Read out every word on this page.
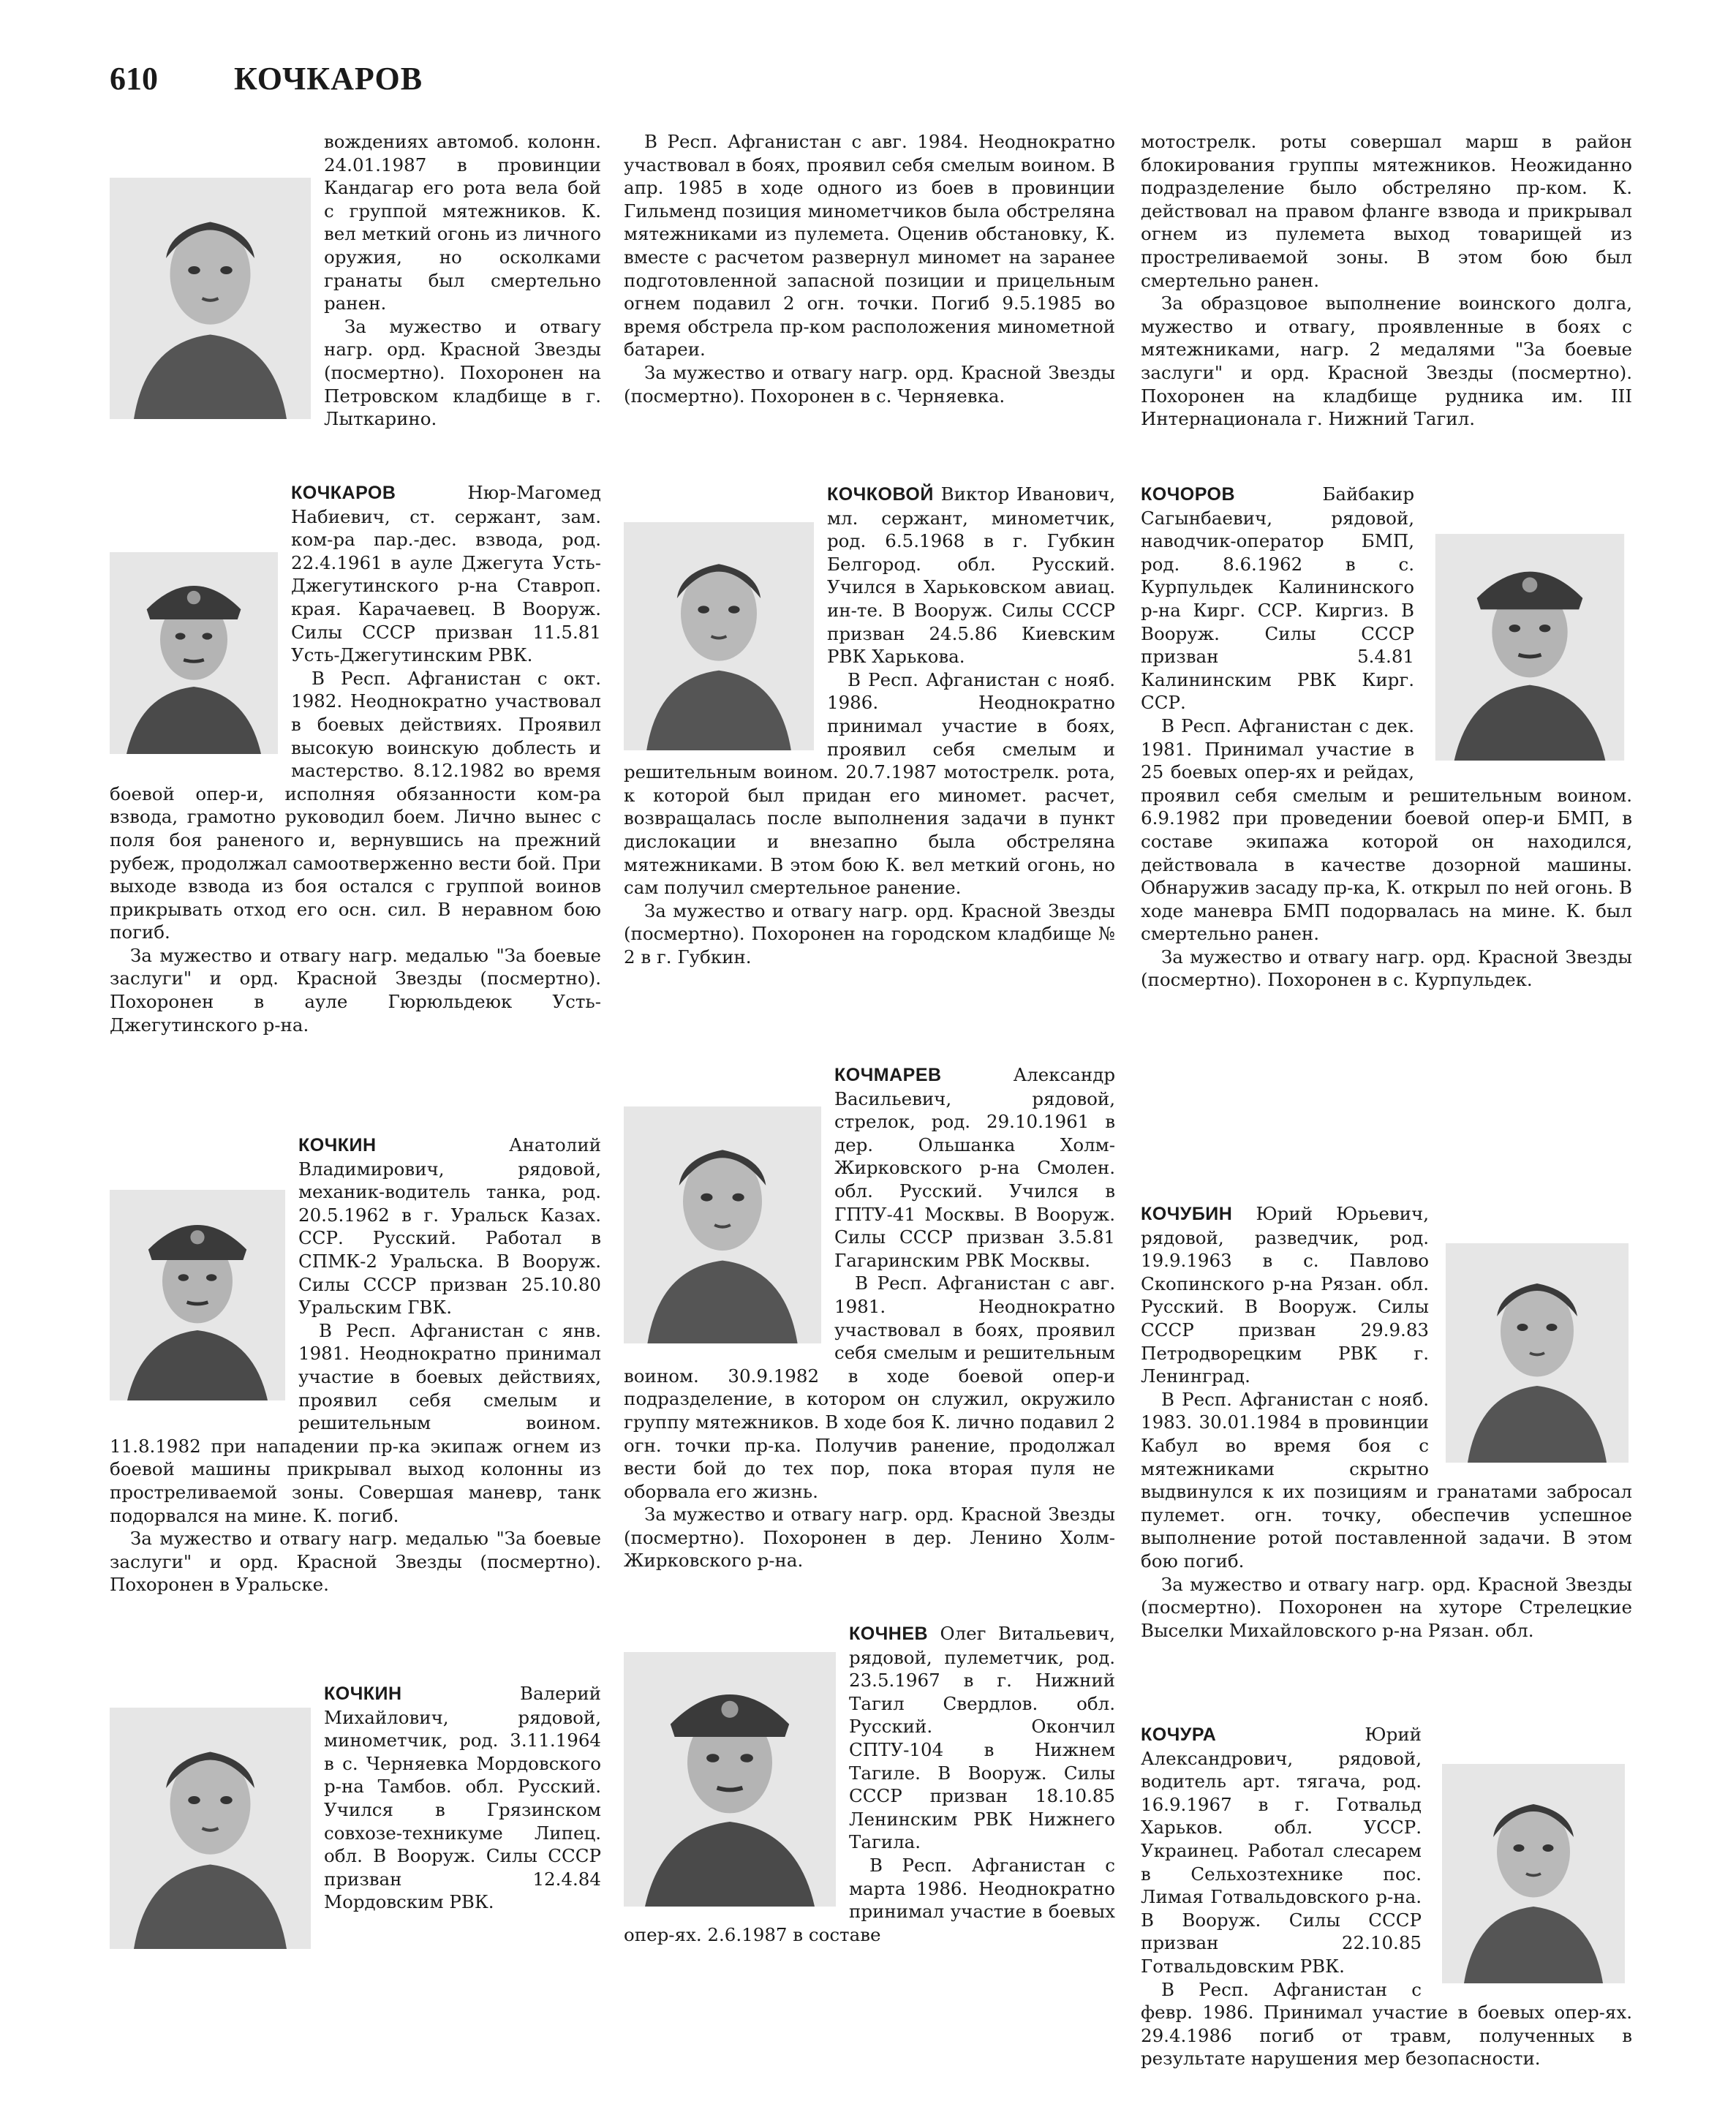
610	КОЧКАРОВ

вождениях автомоб. колонн. 24.01.1987 в провинции Кандагар его рота вела бой с группой мятежников. К. вел меткий огонь из личного оружия, но осколками гранаты был смертельно ранен.
За мужество и отвагу нагр. орд. Красной Звезды (посмертно). Похоронен на Петровском кладбище в г. Лыткарино.

КОЧКАРОВ	Нюр-Магомед Набиевич, ст. сержант, зам. ком-ра пар.-дес. взвода, род. 22.4.1961 в ауле Джегута Усть-Джегутинского р-на Ставроп. края. Карачаевец. В Вооруж. Силы СССР призван 11.5.81 Усть-Джегутинским РВК.
В Респ. Афганистан с окт. 1982. Неоднократно участвовал в боевых действиях. Проявил высокую воинскую доблесть и мастерство. 8.12.1982 во время боевой опер-и, исполняя обязанности ком-ра взвода, грамотно руководил боем. Лично вынес с поля боя раненого и, вернувшись на прежний рубеж, продолжал самоотверженно вести бой. При выходе взвода из боя остался с группой воинов прикрывать отход его осн. сил. В неравном бою погиб.
За мужество и отвагу нагр. медалью "За боевые заслуги" и орд. Красной Звезды (посмертно). Похоронен в ауле Гюрюльдеюк Усть-Джегутинского р-на.

КОЧКИН	Анатолий Владимирович, рядовой, механик-водитель танка, род. 20.5.1962 в г. Уральск Казах. ССР. Русский. Работал в СПМК-2 Уральска. В Вооруж. Силы СССР призван 25.10.80 Уральским ГВК.
В Респ. Афганистан с янв. 1981. Неоднократно принимал участие в боевых действиях, проявил себя смелым и решительным воином. 11.8.1982 при нападении пр-ка экипаж огнем из боевой машины прикрывал выход колонны из простреливаемой зоны. Совершая маневр, танк подорвался на мине. К. погиб.
За мужество и отвагу нагр. медалью "За боевые заслуги" и орд. Красной Звезды (посмертно). Похоронен в Уральске.

КОЧКИН	Валерий Михайлович, рядовой, минометчик, род. 3.11.1964 в с. Черняевка Мордовского р-на Тамбов. обл. Русский. Учился в Грязинском совхозе-техникуме Липец. обл. В Вооруж. Силы СССР призван 12.4.84 Мордовским РВК.

В Респ. Афганистан с авг. 1984. Неоднократно участвовал в боях, проявил себя смелым воином. В апр. 1985 в ходе одного из боев в провинции Гильменд позиция минометчиков была обстреляна мятежниками из пулемета. Оценив обстановку, К. вместе с расчетом развернул миномет на заранее подготовленной запасной позиции и прицельным огнем подавил 2 огн. точки. Погиб 9.5.1985 во время обстрела пр-ком расположения минометной батареи.
За мужество и отвагу нагр. орд. Красной Звезды (посмертно). Похоронен в с. Черняевка.

КОЧКОВОЙ Виктор Иванович, мл. сержант, минометчик, род. 6.5.1968 в г. Губкин Белгород. обл. Русский. Учился в Харьковском авиац. ин-те. В Вооруж. Силы СССР призван 24.5.86 Киевским РВК Харькова.
В Респ. Афганистан с нояб. 1986. Неоднократно принимал участие в боях, проявил себя смелым и решительным воином. 20.7.1987 мотострелк. рота, к которой был придан его миномет. расчет, возвращалась после выполнения задачи в пункт дислокации и внезапно была обстреляна мятежниками. В этом бою К. вел меткий огонь, но сам получил смертельное ранение.
За мужество и отвагу нагр. орд. Красной Звезды (посмертно). Похоронен на городском кладбище № 2 в г. Губкин.

КОЧМАРЕВ	Александр Васильевич, рядовой, стрелок, род. 29.10.1961 в дер. Ольшанка Холм-Жирковского р-на Смолен. обл. Русский. Учился в ГПТУ-41 Москвы. В Вооруж. Силы СССР призван 3.5.81 Гагаринским РВК Москвы.
В Респ. Афганистан с авг. 1981. Неоднократно участвовал в боях, проявил себя смелым и решительным воином. 30.9.1982 в ходе боевой опер-и подразделение, в котором он служил, окружило группу мятежников. В ходе боя К. лично подавил 2 огн. точки пр-ка. Получив ранение, продолжал вести бой до тех пор, пока вторая пуля не оборвала его жизнь.
За мужество и отвагу нагр. орд. Красной Звезды (посмертно). Похоронен в дер. Ленино Холм-Жирковского р-на.

КОЧНЕВ Олег Витальевич, рядовой, пулеметчик, род. 23.5.1967 в г. Нижний Тагил Свердлов. обл. Русский. Окончил СПТУ-104 в Нижнем Тагиле. В Вооруж. Силы СССР призван 18.10.85 Ленинским РВК Нижнего Тагила.
В Респ. Афганистан с марта 1986. Неоднократно принимал участие в боевых опер-ях. 2.6.1987 в составе

мотострелк. роты совершал марш в район блокирования группы мятежников. Неожиданно подразделение было обстреляно пр-ком. К. действовал на правом фланге взвода и прикрывал огнем из пулемета выход товарищей из простреливаемой зоны. В этом бою был смертельно ранен.
За образцовое выполнение воинского долга, мужество и отвагу, проявленные в боях с мятежниками, нагр. 2 медалями "За боевые заслуги" и орд. Красной Звезды (посмертно). Похоронен на кладбище рудника им. III Интернационала г. Нижний Тагил.

КОЧОРОВ	Байбакир Сагынбаевич, рядовой, наводчик-оператор БМП, род. 8.6.1962 в с. Курпульдек Калининского р-на Кирг. ССР. Киргиз. В Вооруж. Силы СССР призван 5.4.81 Калининским РВК Кирг. ССР.
В Респ. Афганистан с дек. 1981. Принимал участие в 25 боевых опер-ях и рейдах, проявил себя смелым и решительным воином. 6.9.1982 при проведении боевой опер-и БМП, в составе экипажа которой он находился, действовала в качестве дозорной машины. Обнаружив засаду пр-ка, К. открыл по ней огонь. В ходе маневра БМП подорвалась на мине. К. был смертельно ранен.
За мужество и отвагу нагр. орд. Красной Звезды (посмертно). Похоронен в с. Курпульдек.

КОЧУБИН Юрий Юрьевич, рядовой, разведчик, род. 19.9.1963 в с. Павлово Скопинского р-на Рязан. обл. Русский. В Вооруж. Силы СССР призван 29.9.83 Петродворецким РВК г. Ленинград.
В Респ. Афганистан с нояб. 1983. 30.01.1984 в провинции Кабул во время боя с мятежниками скрытно выдвинулся к их позициям и гранатами забросал пулемет. огн. точку, обеспечив успешное выполнение ротой поставленной задачи. В этом бою погиб.
За мужество и отвагу нагр. орд. Красной Звезды (посмертно). Похоронен на хуторе Стрелецкие Выселки Михайловского р-на Рязан. обл.

КОЧУРА	Юрий Александрович, рядовой, водитель арт. тягача, род. 16.9.1967 в г. Готвальд Харьков. обл. УССР. Украинец. Работал слесарем в Сельхозтехнике пос. Лимая Готвальдовского р-на. В Вооруж. Силы СССР призван 22.10.85 Готвальдовским РВК.
В Респ. Афганистан с февр. 1986. Принимал участие в боевых опер-ях. 29.4.1986 погиб от травм, полученных в результате нарушения мер безопасности.
